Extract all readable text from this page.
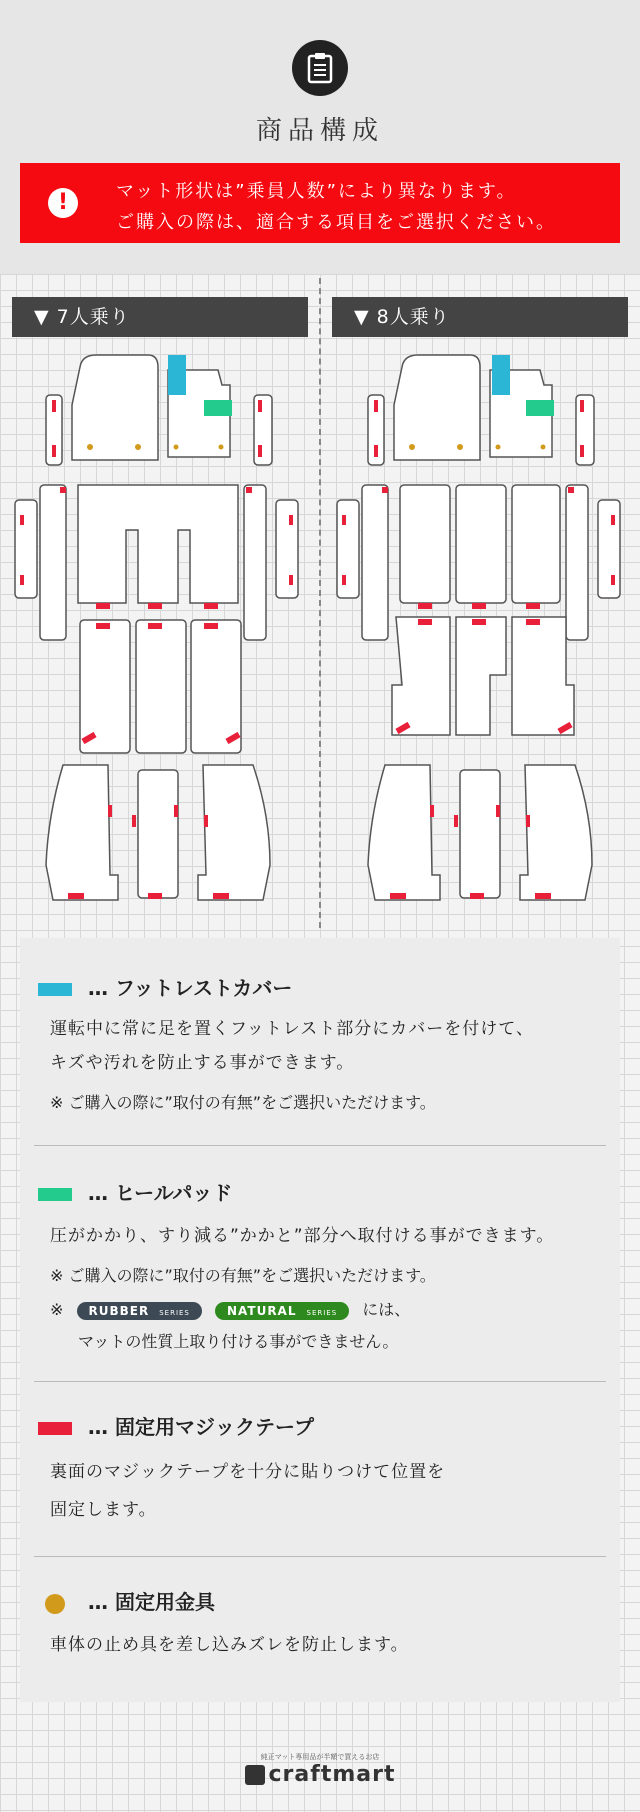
商品構成
!	マット形状は”乗員人数”により異なります。
ご購入の際は、適合する項目をご選択ください。
▼ 7人乗り	▼ 8人乗り
… フットレストカバー
運転中に常に足を置くフットレスト部分にカバーを付けて、
キズや汚れを防止する事ができます。
※ ご購入の際に”取付の有無”をご選択いただけます。
… ヒールパッド
圧がかかり、すり減る”かかと”部分へ取付ける事ができます。
※ ご購入の際に”取付の有無”をご選択いただけます。
※ RUBBER SERIES	NATURAL SERIES には、
マットの性質上取り付ける事ができません。
… 固定用マジックテープ
裏面のマジックテープを十分に貼りつけて位置を
固定します。
… 固定用金具
車体の止め具を差し込みズレを防止します。
純正マット専用品が半額で買えるお店
craftmart
